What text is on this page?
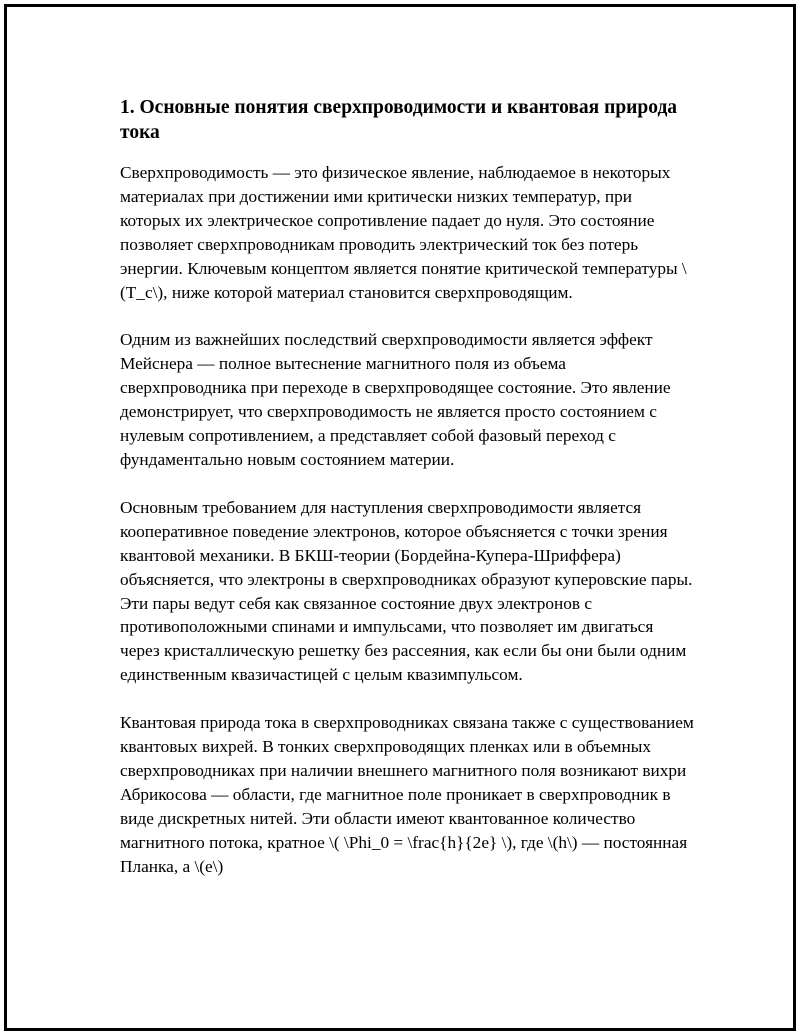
1. Основные понятия сверхпроводимости и квантовая природа тока

Сверхпроводимость — это физическое явление, наблюдаемое в некоторых материалах при достижении ими критически низких температур, при которых их электрическое сопротивление падает до нуля. Это состояние позволяет сверхпроводникам проводить электрический ток без потерь энергии. Ключевым концептом является понятие критической температуры \(T_c\), ниже которой материал становится сверхпроводящим.

Одним из важнейших последствий сверхпроводимости является эффект Мейснера — полное вытеснение магнитного поля из объема сверхпроводника при переходе в сверхпроводящее состояние. Это явление демонстрирует, что сверхпроводимость не является просто состоянием с нулевым сопротивлением, а представляет собой фазовый переход с фундаментально новым состоянием материи.

Основным требованием для наступления сверхпроводимости является кооперативное поведение электронов, которое объясняется с точки зрения квантовой механики. В БКШ-теории (Бордейна-Купера-Шриффера) объясняется, что электроны в сверхпроводниках образуют куперовские пары. Эти пары ведут себя как связанное состояние двух электронов с противоположными спинами и импульсами, что позволяет им двигаться через кристаллическую решетку без рассеяния, как если бы они были одним единственным квазичастицей с целым квазимпульсом.

Квантовая природа тока в сверхпроводниках связана также с существованием квантовых вихрей. В тонких сверхпроводящих пленках или в объемных сверхпроводниках при наличии внешнего магнитного поля возникают вихри Абрикосова — области, где магнитное поле проникает в сверхпроводник в виде дискретных нитей. Эти области имеют квантованное количество магнитного потока, кратное \( \Phi_0 = \frac{h}{2e} \), где \(h\) — постоянная Планка, а \(e\)
